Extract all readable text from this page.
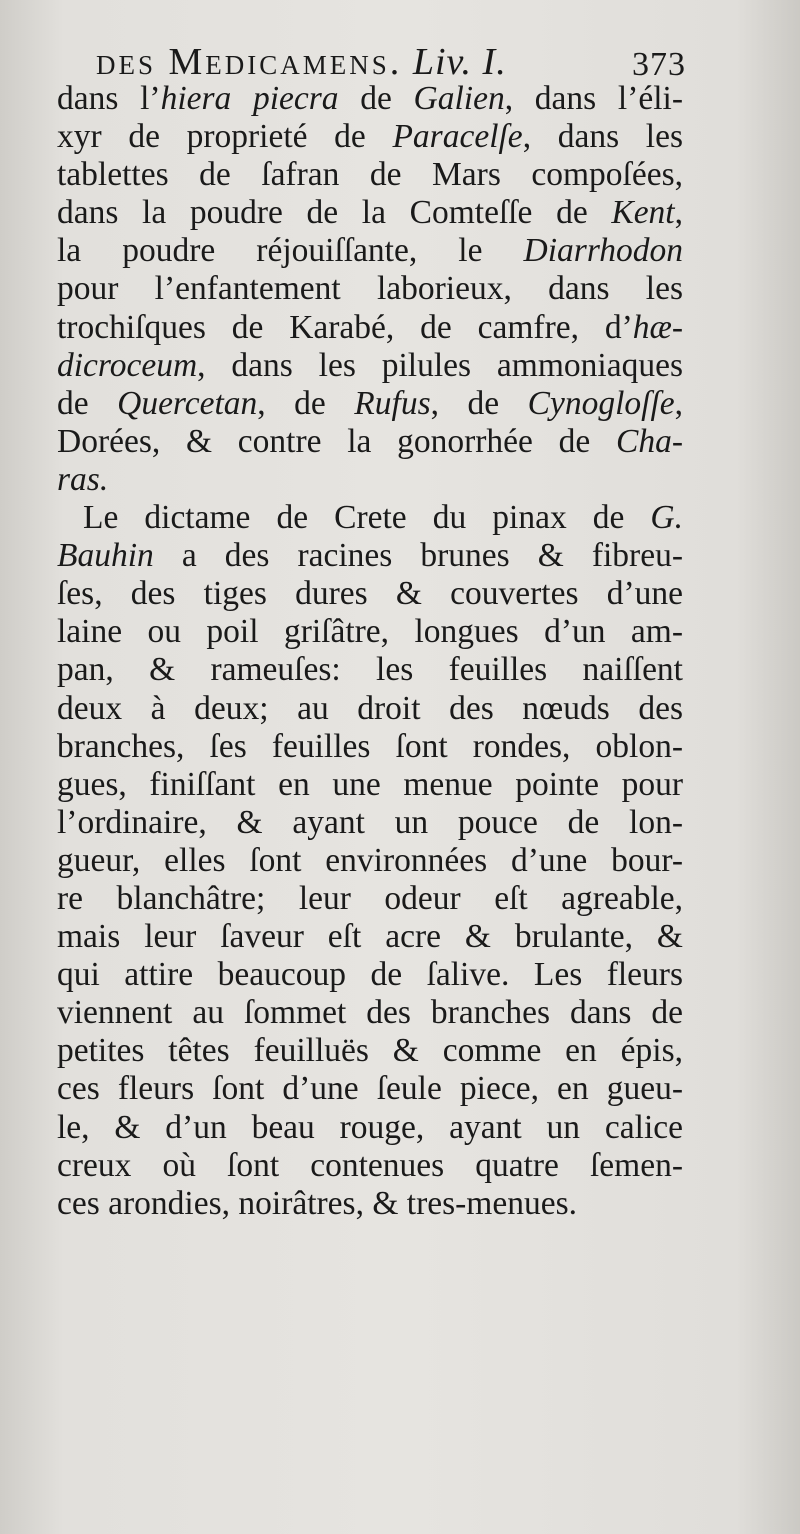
des Medicamens. Liv. I.	373
dans l’hiera piecra de Galien, dans l’éli-
xyr de proprieté de Paracelſe, dans les
tablettes de ſafran de Mars compoſées,
dans la poudre de la Comteſſe de Kent,
la poudre réjouiſſante, le Diarrhodon
pour l’enfantement laborieux, dans les
trochiſques de Karabé, de camfre, d’hæ-
dicroceum, dans les pilules ammoniaques
de Quercetan, de Rufus, de Cynogloſſe,
Dorées, & contre la gonorrhée de Cha-
ras.
Le dictame de Crete du pinax de G.
Bauhin a des racines brunes & fibreu-
ſes, des tiges dures & couvertes d’une
laine ou poil griſâtre, longues d’un am-
pan, & rameuſes: les feuilles naiſſent
deux à deux; au droit des nœuds des
branches, ſes feuilles ſont rondes, oblon-
gues, finiſſant en une menue pointe pour
l’ordinaire, & ayant un pouce de lon-
gueur, elles ſont environnées d’une bour-
re blanchâtre; leur odeur eſt agreable,
mais leur ſaveur eſt acre & brulante, &
qui attire beaucoup de ſalive. Les fleurs
viennent au ſommet des branches dans de
petites têtes feuilluës & comme en épis,
ces fleurs ſont d’une ſeule piece, en gueu-
le, & d’un beau rouge, ayant un calice
creux où ſont contenues quatre ſemen-
ces arondies, noirâtres, & tres-menues.
